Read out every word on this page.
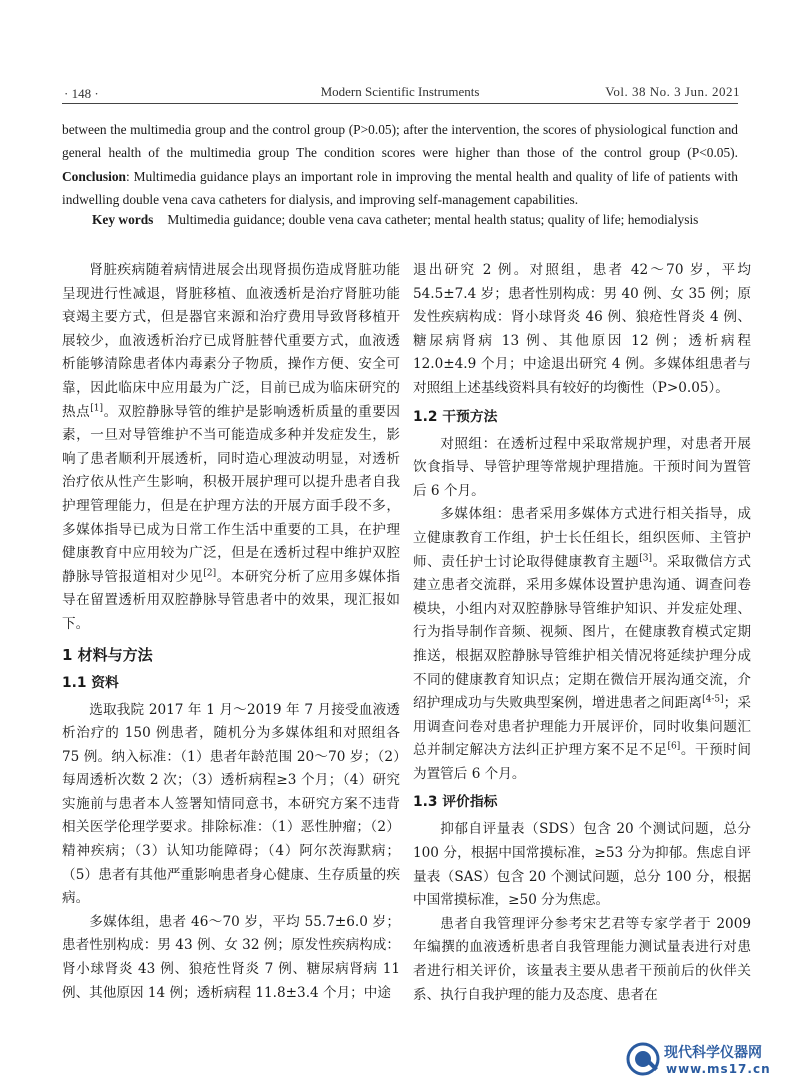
· 148 ·	Modern Scientific Instruments	Vol. 38 No. 3 Jun. 2021
between the multimedia group and the control group (P>0.05); after the intervention, the scores of physiological function and general health of the multimedia group The condition scores were higher than those of the control group (P<0.05). Conclusion: Multimedia guidance plays an important role in improving the mental health and quality of life of patients with indwelling double vena cava catheters for dialysis, and improving self-management capabilities.
Key words Multimedia guidance; double vena cava catheter; mental health status; quality of life; hemodialysis

肾脏疾病随着病情进展会出现肾损伤造成肾脏功能呈现进行性减退，肾脏移植、血液透析是治疗肾脏功能衰竭主要方式，但是器官来源和治疗费用导致肾移植开展较少，血液透析治疗已成肾脏替代重要方式，血液透析能够清除患者体内毒素分子物质，操作方便、安全可靠，因此临床中应用最为广泛，目前已成为临床研究的热点[1]。双腔静脉导管的维护是影响透析质量的重要因素，一旦对导管维护不当可能造成多种并发症发生，影响了患者顺利开展透析，同时造心理波动明显，对透析治疗依从性产生影响，积极开展护理可以提升患者自我护理管理能力，但是在护理方法的开展方面手段不多，多媒体指导已成为日常工作生活中重要的工具，在护理健康教育中应用较为广泛，但是在透析过程中维护双腔静脉导管报道相对少见[2]。本研究分析了应用多媒体指导在留置透析用双腔静脉导管患者中的效果，现汇报如下。

1 材料与方法
1.1 资料

选取我院 2017 年 1 月～2019 年 7 月接受血液透析治疗的 150 例患者，随机分为多媒体组和对照组各 75 例。纳入标准：（1）患者年龄范围 20～70 岁；（2）每周透析次数 2 次；（3）透析病程≥3 个月；（4）研究实施前与患者本人签署知情同意书，本研究方案不违背相关医学伦理学要求。排除标准：（1）恶性肿瘤；（2）精神疾病；（3）认知功能障碍；（4）阿尔茨海默病；（5）患者有其他严重影响患者身心健康、生存质量的疾病。

多媒体组，患者 46～70 岁，平均 55.7±6.0 岁；患者性别构成：男 43 例、女 32 例；原发性疾病构成：肾小球肾炎 43 例、狼疮性肾炎 7 例、糖尿病肾病 11 例、其他原因 14 例；透析病程 11.8±3.4 个月；中途

退出研究 2 例。对照组，患者 42～70 岁，平均 54.5±7.4 岁；患者性别构成：男 40 例、女 35 例；原发性疾病构成：肾小球肾炎 46 例、狼疮性肾炎 4 例、糖尿病肾病 13 例、其他原因 12 例；透析病程 12.0±4.9 个月；中途退出研究 4 例。多媒体组患者与对照组上述基线资料具有较好的均衡性（P>0.05）。

1.2 干预方法

对照组：在透析过程中采取常规护理，对患者开展饮食指导、导管护理等常规护理措施。干预时间为置管后 6 个月。

多媒体组：患者采用多媒体方式进行相关指导，成立健康教育工作组，护士长任组长，组织医师、主管护师、责任护士讨论取得健康教育主题[3]。采取微信方式建立患者交流群，采用多媒体设置护患沟通、调查问卷模块，小组内对双腔静脉导管维护知识、并发症处理、行为指导制作音频、视频、图片，在健康教育模式定期推送，根据双腔静脉导管维护相关情况将延续护理分成不同的健康教育知识点；定期在微信开展沟通交流，介绍护理成功与失败典型案例，增进患者之间距离[4-5]；采用调查问卷对患者护理能力开展评价，同时收集问题汇总并制定解决方法纠正护理方案不足不足[6]。干预时间为置管后 6 个月。

1.3 评价指标

抑郁自评量表（SDS）包含 20 个测试问题，总分 100 分，根据中国常摸标准，≥53 分为抑郁。焦虑自评量表（SAS）包含 20 个测试问题，总分 100 分，根据中国常摸标准，≥50 分为焦虑。

患者自我管理评分参考宋艺君等专家学者于 2009 年编撰的血液透析患者自我管理能力测试量表进行对患者进行相关评价，该量表主要从患者干预前后的伙伴关系、执行自我护理的能力及态度、患者在

现代科学仪器网
www.ms17.cn
